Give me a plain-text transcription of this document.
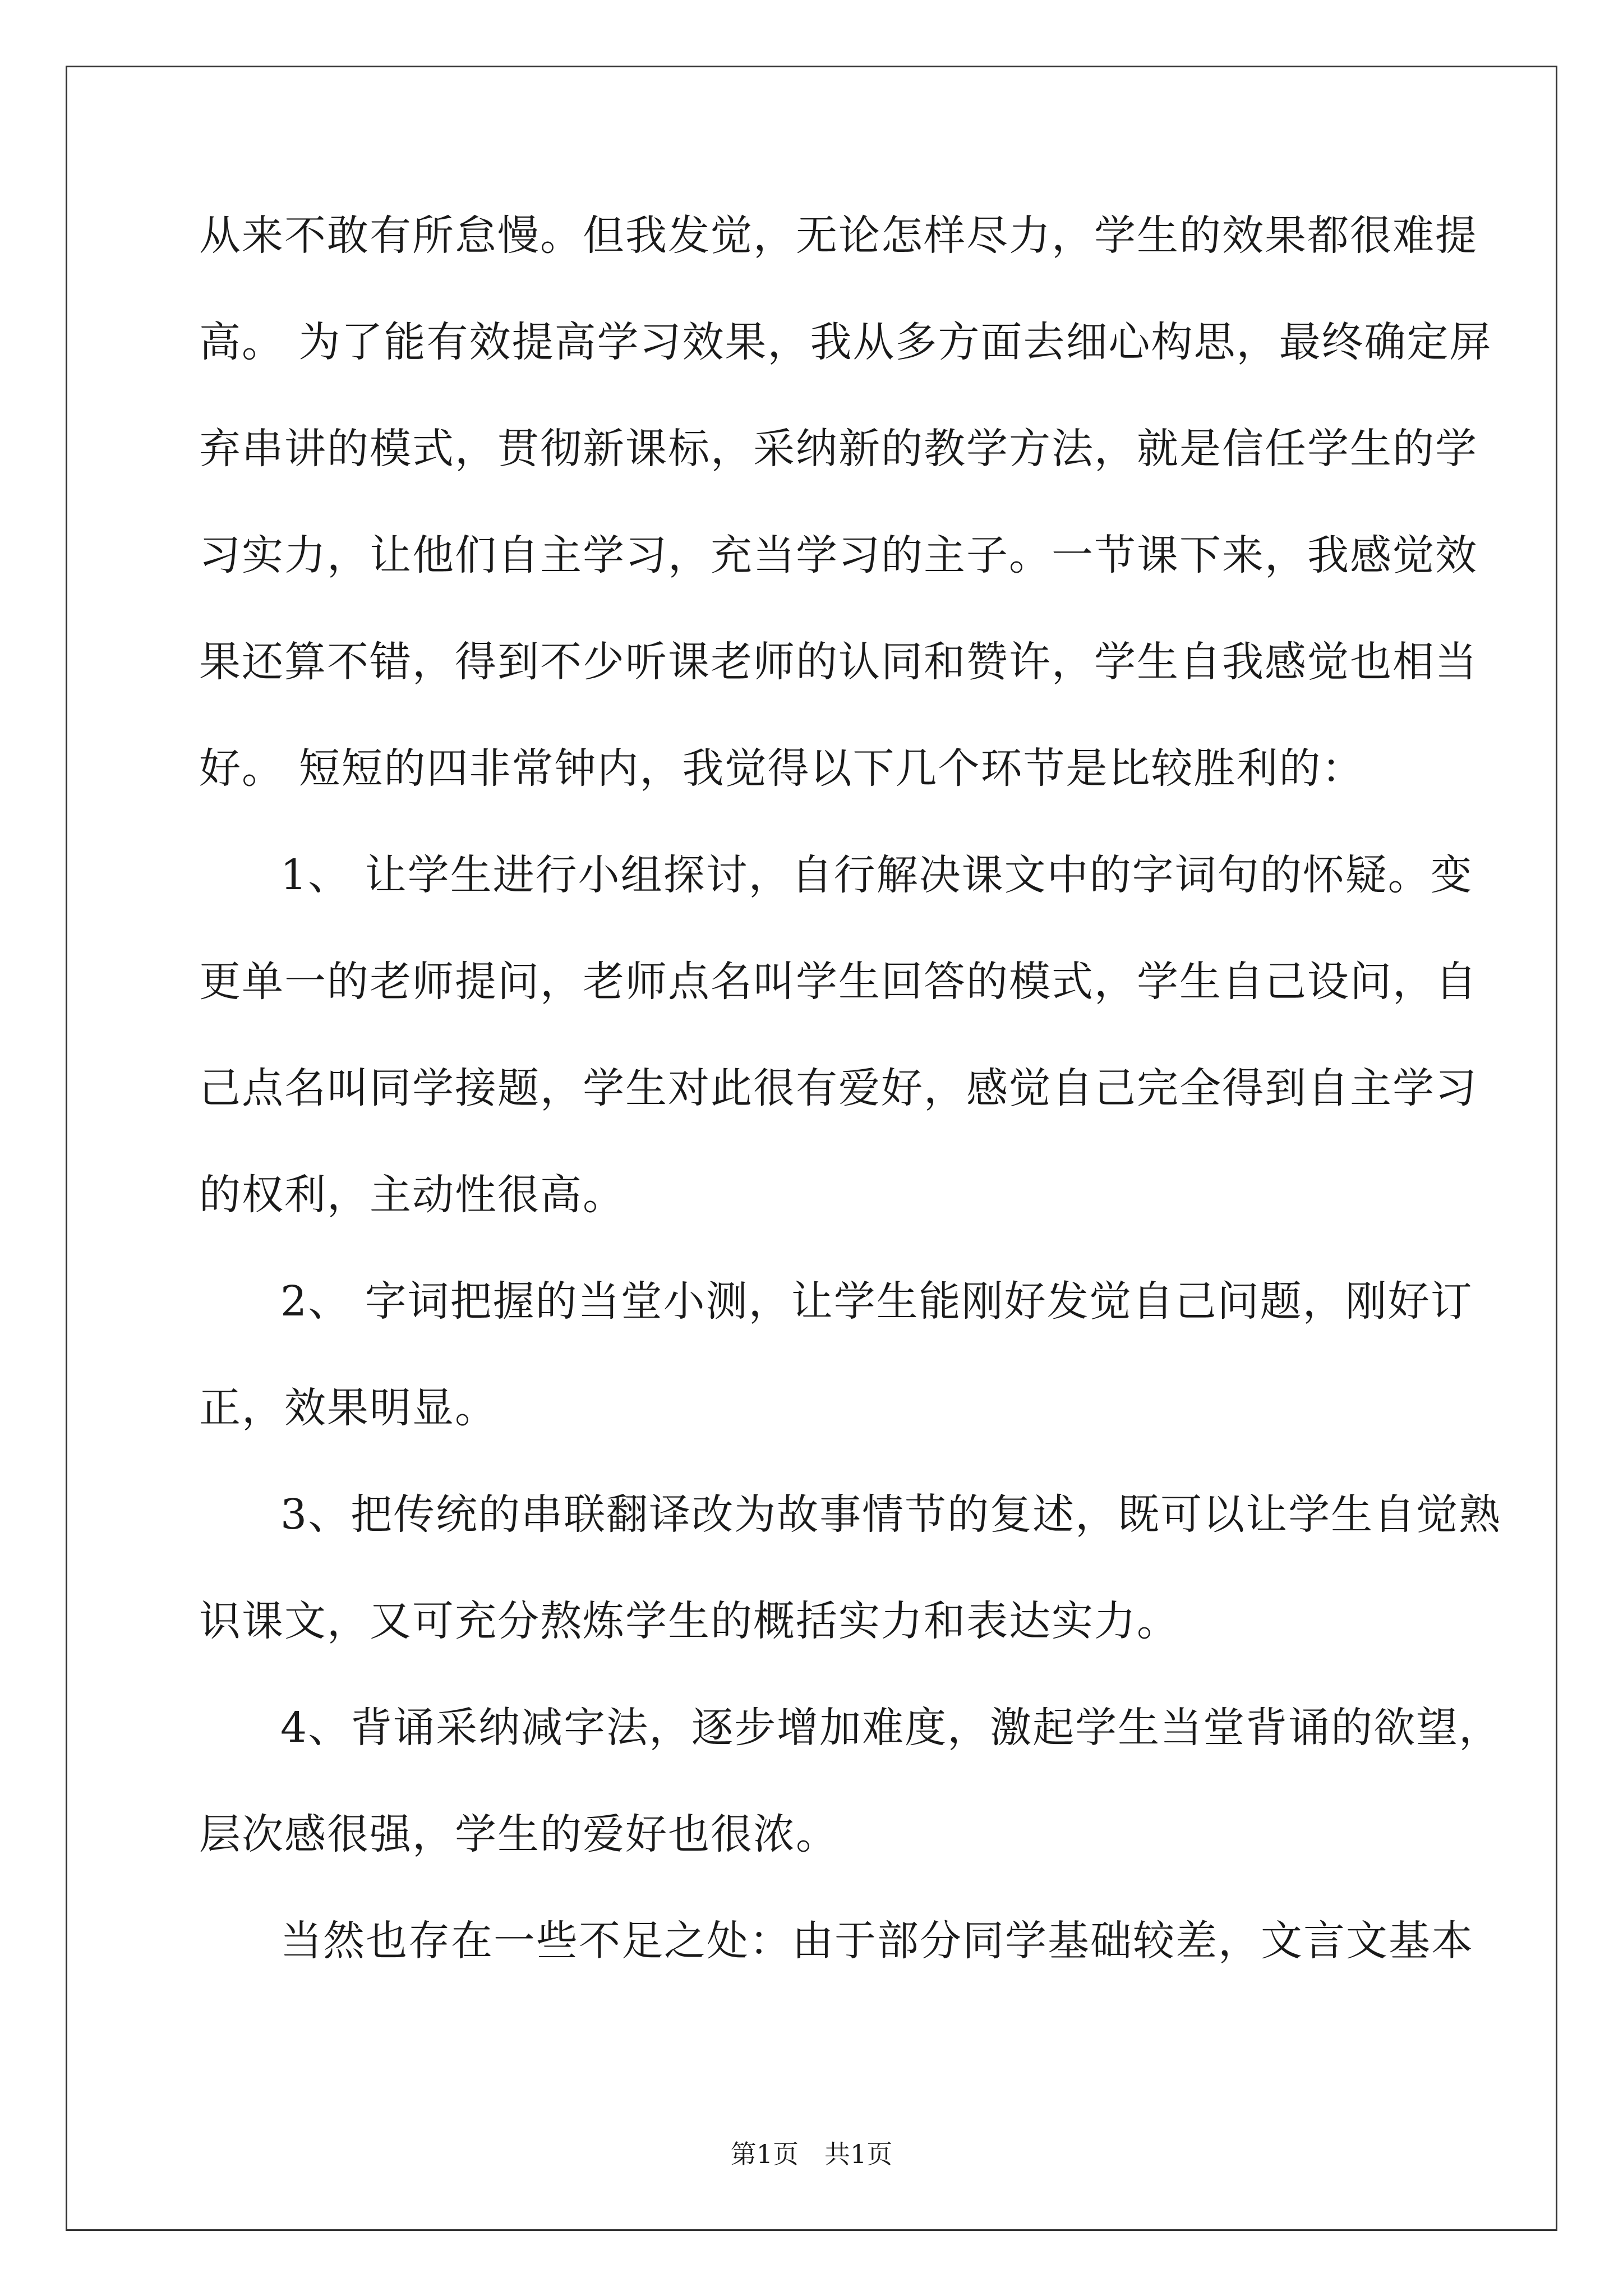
从来不敢有所怠慢。但我发觉，无论怎样尽力，学生的效果都很难提
高。 为了能有效提高学习效果，我从多方面去细心构思，最终确定屏
弃串讲的模式，贯彻新课标，采纳新的教学方法，就是信任学生的学
习实力，让他们自主学习，充当学习的主子。一节课下来，我感觉效
果还算不错，得到不少听课老师的认同和赞许，学生自我感觉也相当
好。 短短的四非常钟内，我觉得以下几个环节是比较胜利的：
1、 让学生进行小组探讨，自行解决课文中的字词句的怀疑。变
更单一的老师提问，老师点名叫学生回答的模式，学生自己设问，自
己点名叫同学接题，学生对此很有爱好，感觉自己完全得到自主学习
的权利，主动性很高。
2、 字词把握的当堂小测，让学生能刚好发觉自己问题，刚好订
正，效果明显。
3、把传统的串联翻译改为故事情节的复述，既可以让学生自觉熟
识课文，又可充分熬炼学生的概括实力和表达实力。
4、背诵采纳减字法，逐步增加难度，激起学生当堂背诵的欲望，
层次感很强，学生的爱好也很浓。
当然也存在一些不足之处：由于部分同学基础较差，文言文基本
第1页　共1页
